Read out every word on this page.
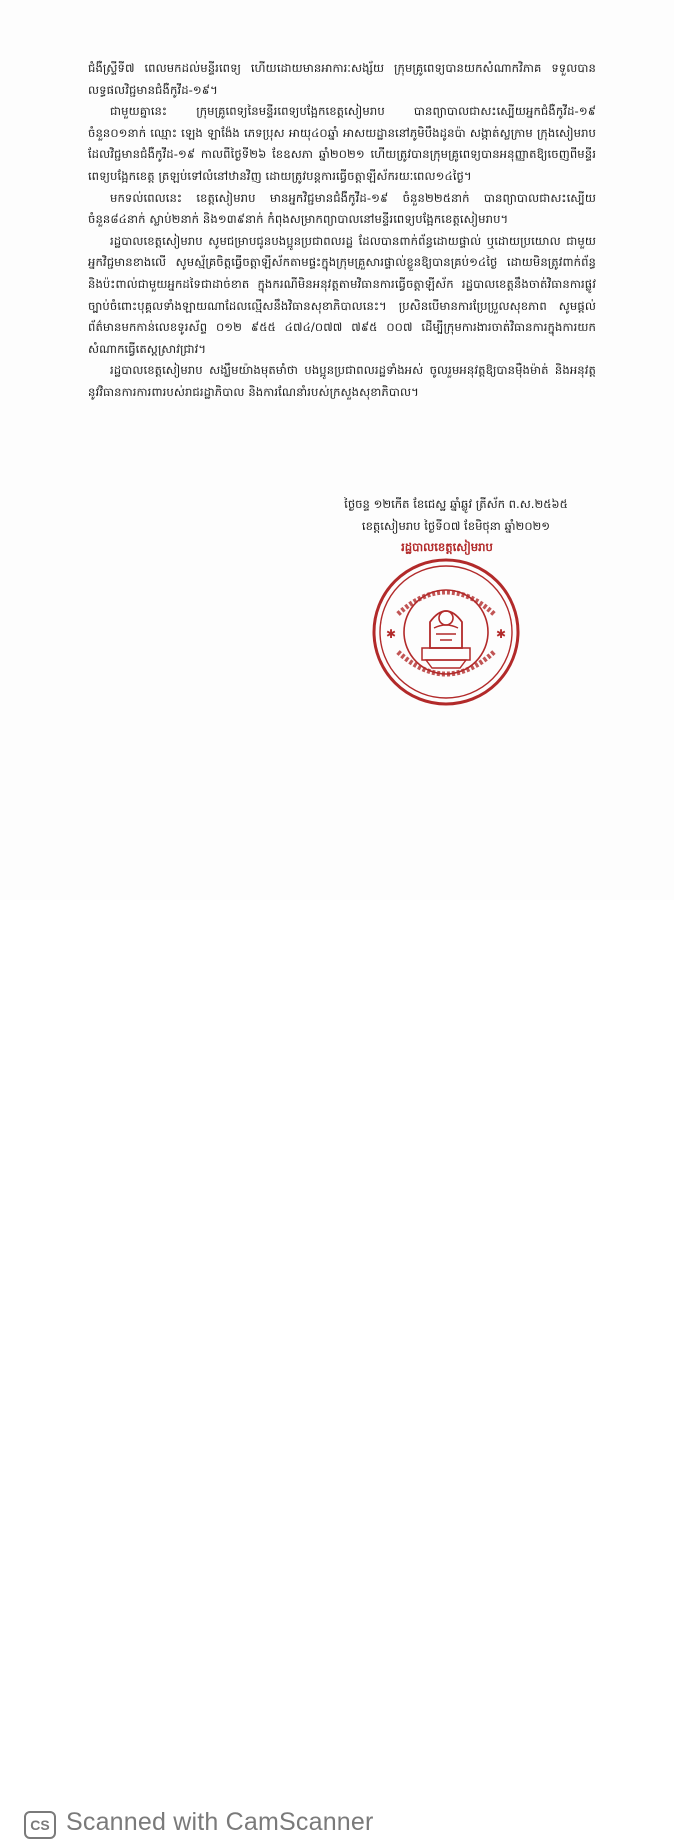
ជំងឺស្រ្ទីទី៧ ពេលមកដល់មន្ទីរពេទ្យ ហើយដោយមានអាការៈសង្ស័យ ក្រុមគ្រូពេទ្យបានយកសំណាកវិភាគ ទទួលបានលទ្ធផលវិជ្ជមានជំងឺកូវីដ-១៩។

ជាមួយគ្នានេះ ក្រុមគ្រូពេទ្យនៃមន្ទីរពេទ្យបង្អែកខេត្តសៀមរាប បានព្យាបាលជាសះស្បើយអ្នកជំងឺកូវីដ-១៩ ចំនួន០១នាក់ ឈ្មោះ ឡេង ឡាង៉ែង ភេទប្រុស អាយុ៤០ឆ្នាំ អាសយដ្ឋាននៅភូមិបឹងដូនប៉ា សង្កាត់ស្លក្រាម ក្រុងសៀមរាប ដែលវិជ្ជមានជំងឺកូវីដ-១៩ កាលពីថ្ងៃទី២៦ ខែឧសភា ឆ្នាំ២០២១ ហើយត្រូវបានក្រុមគ្រូពេទ្យបានអនុញ្ញាតឱ្យចេញពីមន្ទីរពេទ្យបង្អែកខេត្ត ត្រឡប់ទៅលំនៅឋានវិញ ដោយត្រូវបន្តការធ្វើចត្តាឡីស័ករយៈពេល១៤ថ្ងៃ។

មកទល់ពេលនេះ ខេត្តសៀមរាប មានអ្នកវិជ្ជមានជំងឺកូវីដ-១៩ ចំនួន២២៥នាក់ បានព្យាបាលជាសះស្បើយចំនួន៨៤នាក់ ស្លាប់២នាក់ និង១៣៩នាក់ កំពុងសម្រាកព្យាបាលនៅមន្ទីរពេទ្យបង្អែកខេត្តសៀមរាប។

រដ្ឋបាលខេត្តសៀមរាប សូមជម្រាបជូនបងប្អូនប្រជាពលរដ្ឋ ដែលបានពាក់ព័ន្ធដោយផ្ទាល់ ឬដោយប្រយោល ជាមួយអ្នកវិជ្ជមានខាងលើ សូមស្ម័គ្រចិត្តធ្វើចត្តាឡីស័កតាមផ្ទះក្នុងក្រុមគ្រួសារផ្ទាល់ខ្លួនឱ្យបានគ្រប់១៤ថ្ងៃ ដោយមិនត្រូវពាក់ព័ន្ធ និងប៉ះពាល់ជាមួយអ្នកដទៃជាដាច់ខាត ក្នុងករណីមិនអនុវត្តតាមវិធានការធ្វើចត្តាឡីស័ក រដ្ឋបាលខេត្តនឹងចាត់វិធានការផ្លូវច្បាប់ចំពោះបុគ្គលទាំងឡាយណាដែលល្មើសនឹងវិធានសុខាភិបាលនេះ។ ប្រសិនបើមានការប្រែប្រួលសុខភាព សូមផ្តល់ព័ត៌មានមកកាន់លេខទូរស័ព្ទ ០១២ ៩៥៥ ៤៧៤/០៧៧ ៧៩៥ ០០៧ ដើម្បីក្រុមការងារចាត់វិធានការក្នុងការយកសំណាកធ្វើតេស្តស្រាវជ្រាវ។

រដ្ឋបាលខេត្តសៀមរាប សង្ឃឹមយ៉ាងមុតមាំថា បងប្អូនប្រជាពលរដ្ឋទាំងអស់ ចូលរួមអនុវត្តឱ្យបានម៉ឺងម៉ាត់ និងអនុវត្តនូវវិធានការការពារបស់រាជរដ្ឋាភិបាល និងការណែនាំរបស់ក្រសួងសុខាភិបាល។

ថ្ងៃចន្ទ ១២កើត ខែជេស្ឋ ឆ្នាំឆ្លូវ ត្រីស័ក ព.ស.២៥៦៥
ខេត្តសៀមរាប ថ្ងៃទី០៧ ខែមិថុនា ឆ្នាំ២០២១
រដ្ឋបាលខេត្តសៀមរាប
✱	✱
CS Scanned with CamScanner
